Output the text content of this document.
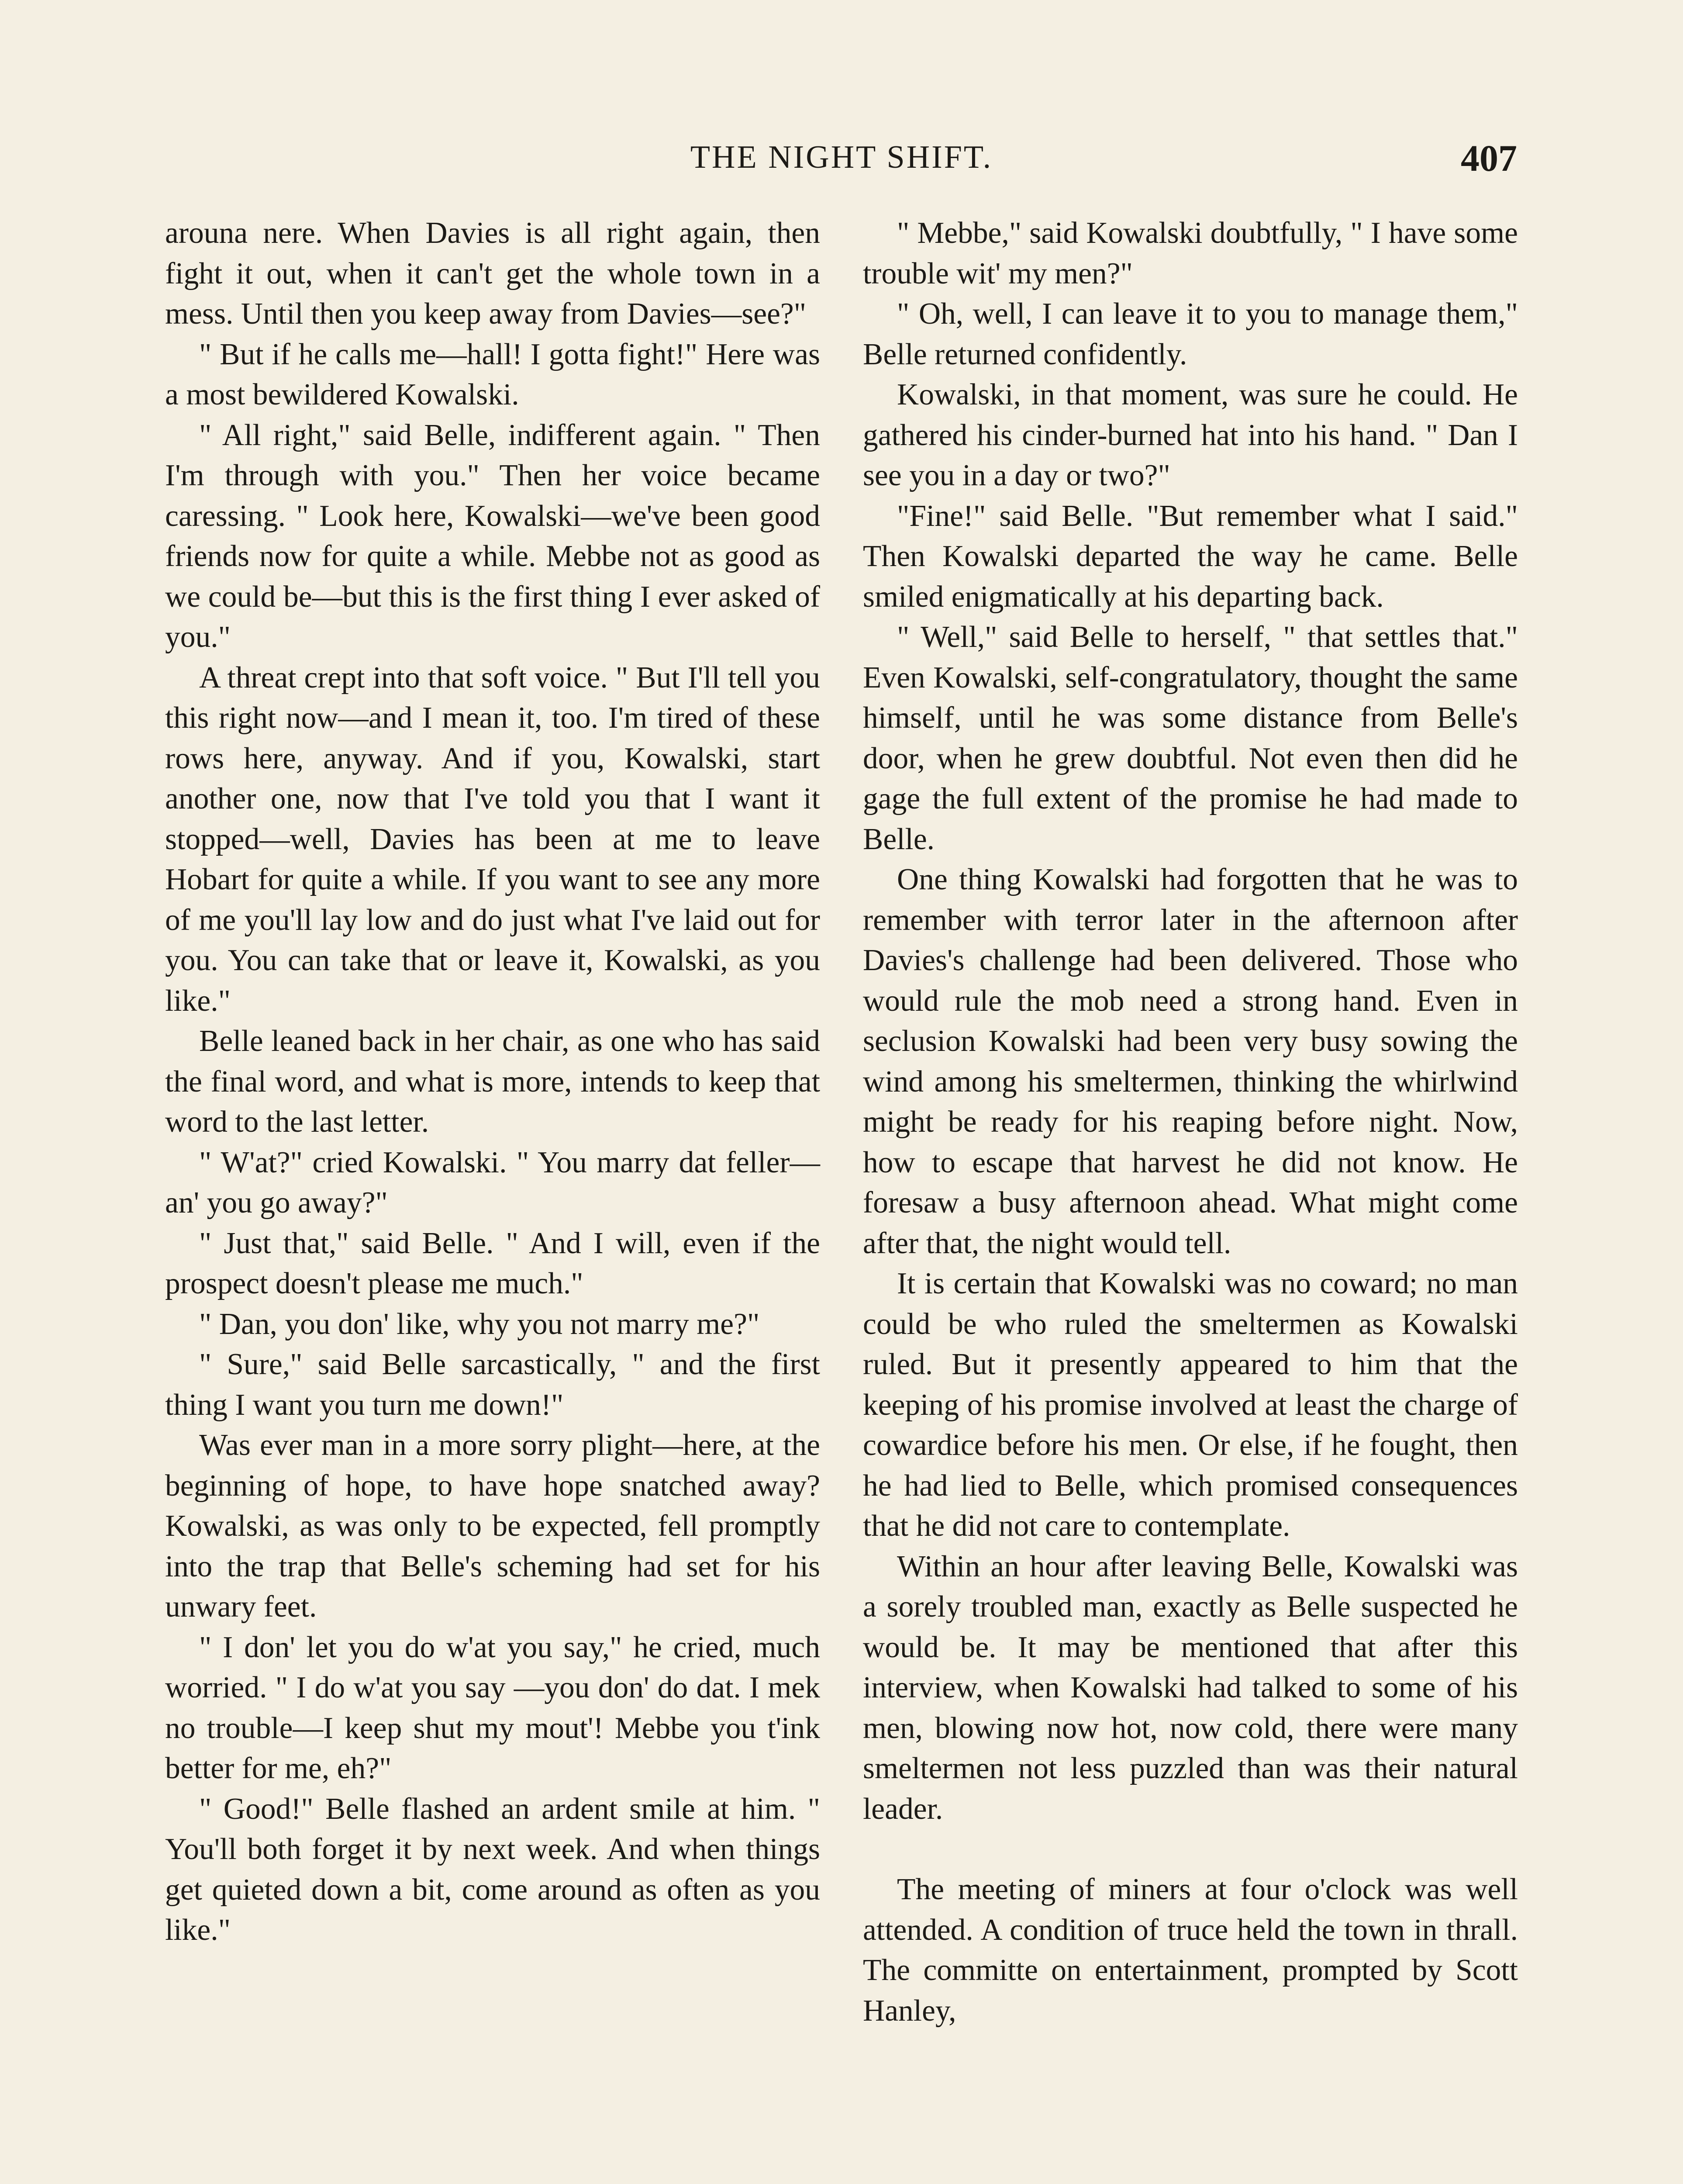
THE NIGHT SHIFT.	407

arouna nere. When Davies is all right again, then fight it out, when it can't get the whole town in a mess. Until then you keep away from Davies—see?"

" But if he calls me—hall! I gotta fight!" Here was a most bewildered Kowalski.

" All right," said Belle, indifferent again. " Then I'm through with you." Then her voice became caressing. " Look here, Kowalski—we've been good friends now for quite a while. Mebbe not as good as we could be—but this is the first thing I ever asked of you."

A threat crept into that soft voice. " But I'll tell you this right now—and I mean it, too. I'm tired of these rows here, anyway. And if you, Kowalski, start another one, now that I've told you that I want it stopped—well, Davies has been at me to leave Hobart for quite a while. If you want to see any more of me you'll lay low and do just what I've laid out for you. You can take that or leave it, Kowalski, as you like."

Belle leaned back in her chair, as one who has said the final word, and what is more, intends to keep that word to the last letter.

" W'at?" cried Kowalski. " You marry dat feller—an' you go away?"

" Just that," said Belle. " And I will, even if the prospect doesn't please me much."

" Dan, you don' like, why you not marry me?"

" Sure," said Belle sarcastically, " and the first thing I want you turn me down!"

Was ever man in a more sorry plight—here, at the beginning of hope, to have hope snatched away? Kowalski, as was only to be expected, fell promptly into the trap that Belle's scheming had set for his unwary feet.

" I don' let you do w'at you say," he cried, much worried. " I do w'at you say —you don' do dat. I mek no trouble—I keep shut my mout'! Mebbe you t'ink better for me, eh?"

" Good!" Belle flashed an ardent smile at him. " You'll both forget it by next week. And when things get quieted down a bit, come around as often as you like."

" Mebbe," said Kowalski doubtfully, " I have some trouble wit' my men?"

" Oh, well, I can leave it to you to manage them," Belle returned confidently.

Kowalski, in that moment, was sure he could. He gathered his cinder-burned hat into his hand. " Dan I see you in a day or two?"

"Fine!" said Belle. "But remember what I said." Then Kowalski departed the way he came. Belle smiled enigmatically at his departing back.

" Well," said Belle to herself, " that settles that." Even Kowalski, self-congratulatory, thought the same himself, until he was some distance from Belle's door, when he grew doubtful. Not even then did he gage the full extent of the promise he had made to Belle.

One thing Kowalski had forgotten that he was to remember with terror later in the afternoon after Davies's challenge had been delivered. Those who would rule the mob need a strong hand. Even in seclusion Kowalski had been very busy sowing the wind among his smeltermen, thinking the whirlwind might be ready for his reaping before night. Now, how to escape that harvest he did not know. He foresaw a busy afternoon ahead. What might come after that, the night would tell.

It is certain that Kowalski was no coward; no man could be who ruled the smeltermen as Kowalski ruled. But it presently appeared to him that the keeping of his promise involved at least the charge of cowardice before his men. Or else, if he fought, then he had lied to Belle, which promised consequences that he did not care to contemplate.

Within an hour after leaving Belle, Kowalski was a sorely troubled man, exactly as Belle suspected he would be. It may be mentioned that after this interview, when Kowalski had talked to some of his men, blowing now hot, now cold, there were many smeltermen not less puzzled than was their natural leader.

The meeting of miners at four o'clock was well attended. A condition of truce held the town in thrall. The committe on entertainment, prompted by Scott Hanley,
